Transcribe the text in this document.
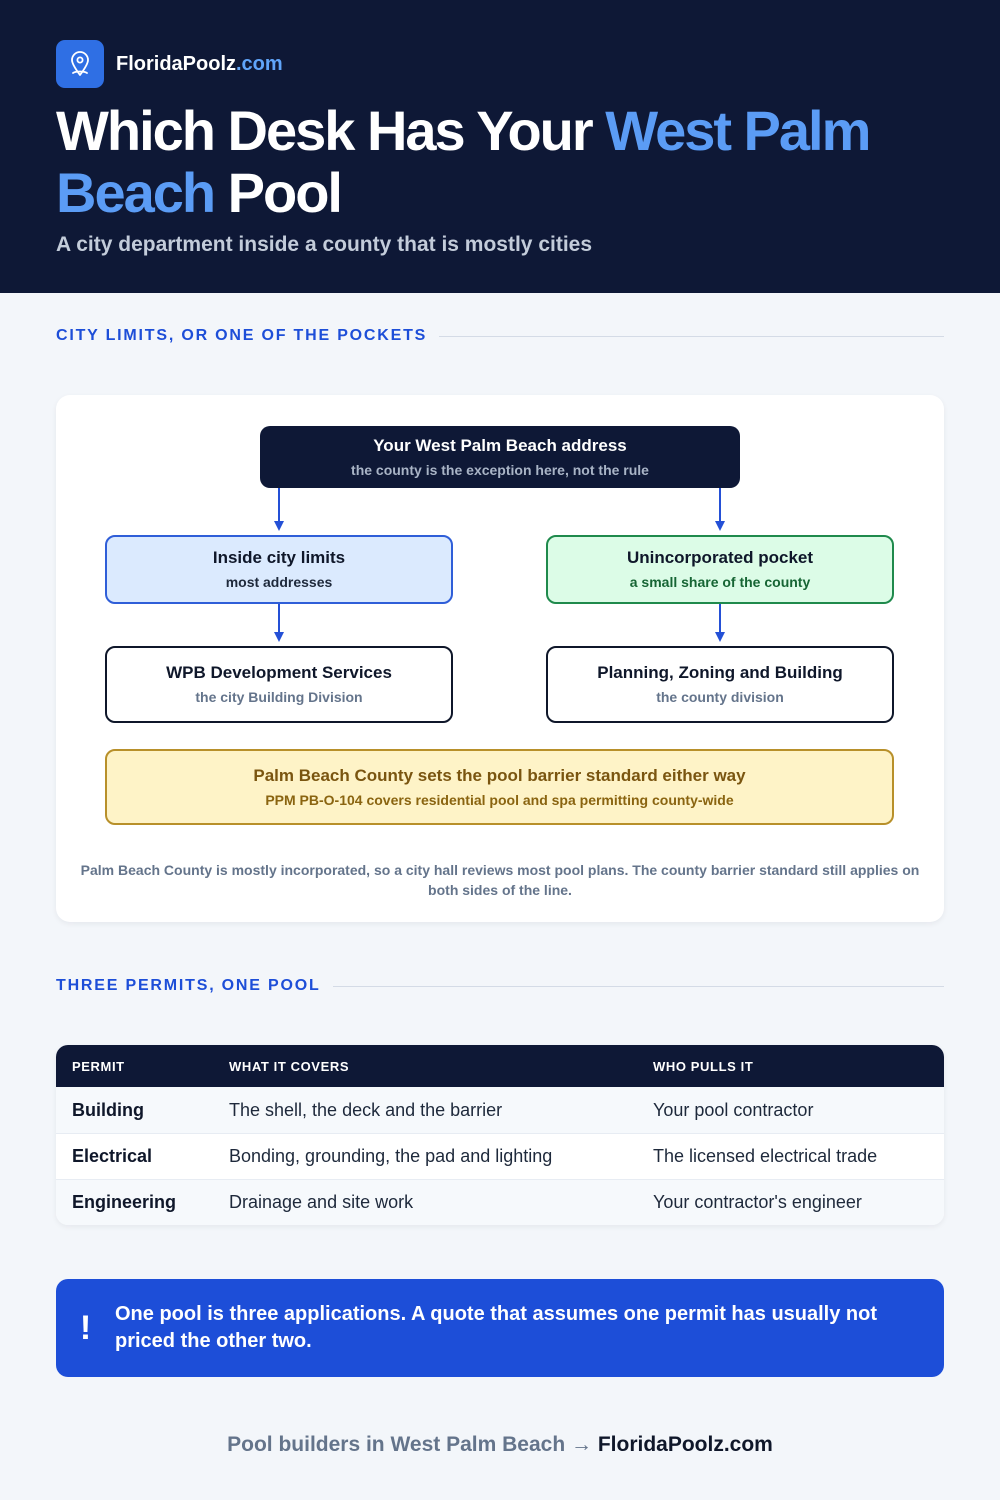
FloridaPoolz.com
Which Desk Has Your West Palm Beach Pool
A city department inside a county that is mostly cities
CITY LIMITS, OR ONE OF THE POCKETS
Your West Palm Beach address
the county is the exception here, not the rule
Inside city limits
most addresses
Unincorporated pocket
a small share of the county
WPB Development Services
the city Building Division
Planning, Zoning and Building
the county division
Palm Beach County sets the pool barrier standard either way
PPM PB-O-104 covers residential pool and spa permitting county-wide

Palm Beach County is mostly incorporated, so a city hall reviews most pool plans. The county barrier standard still applies on both sides of the line.

THREE PERMITS, ONE POOL
PERMIT	WHAT IT COVERS	WHO PULLS IT
Building	The shell, the deck and the barrier	Your pool contractor
Electrical	Bonding, grounding, the pad and lighting	The licensed electrical trade
Engineering	Drainage and site work	Your contractor's engineer
!	One pool is three applications. A quote that assumes one permit has usually not priced the other two.
Pool builders in West Palm Beach → FloridaPoolz.com
